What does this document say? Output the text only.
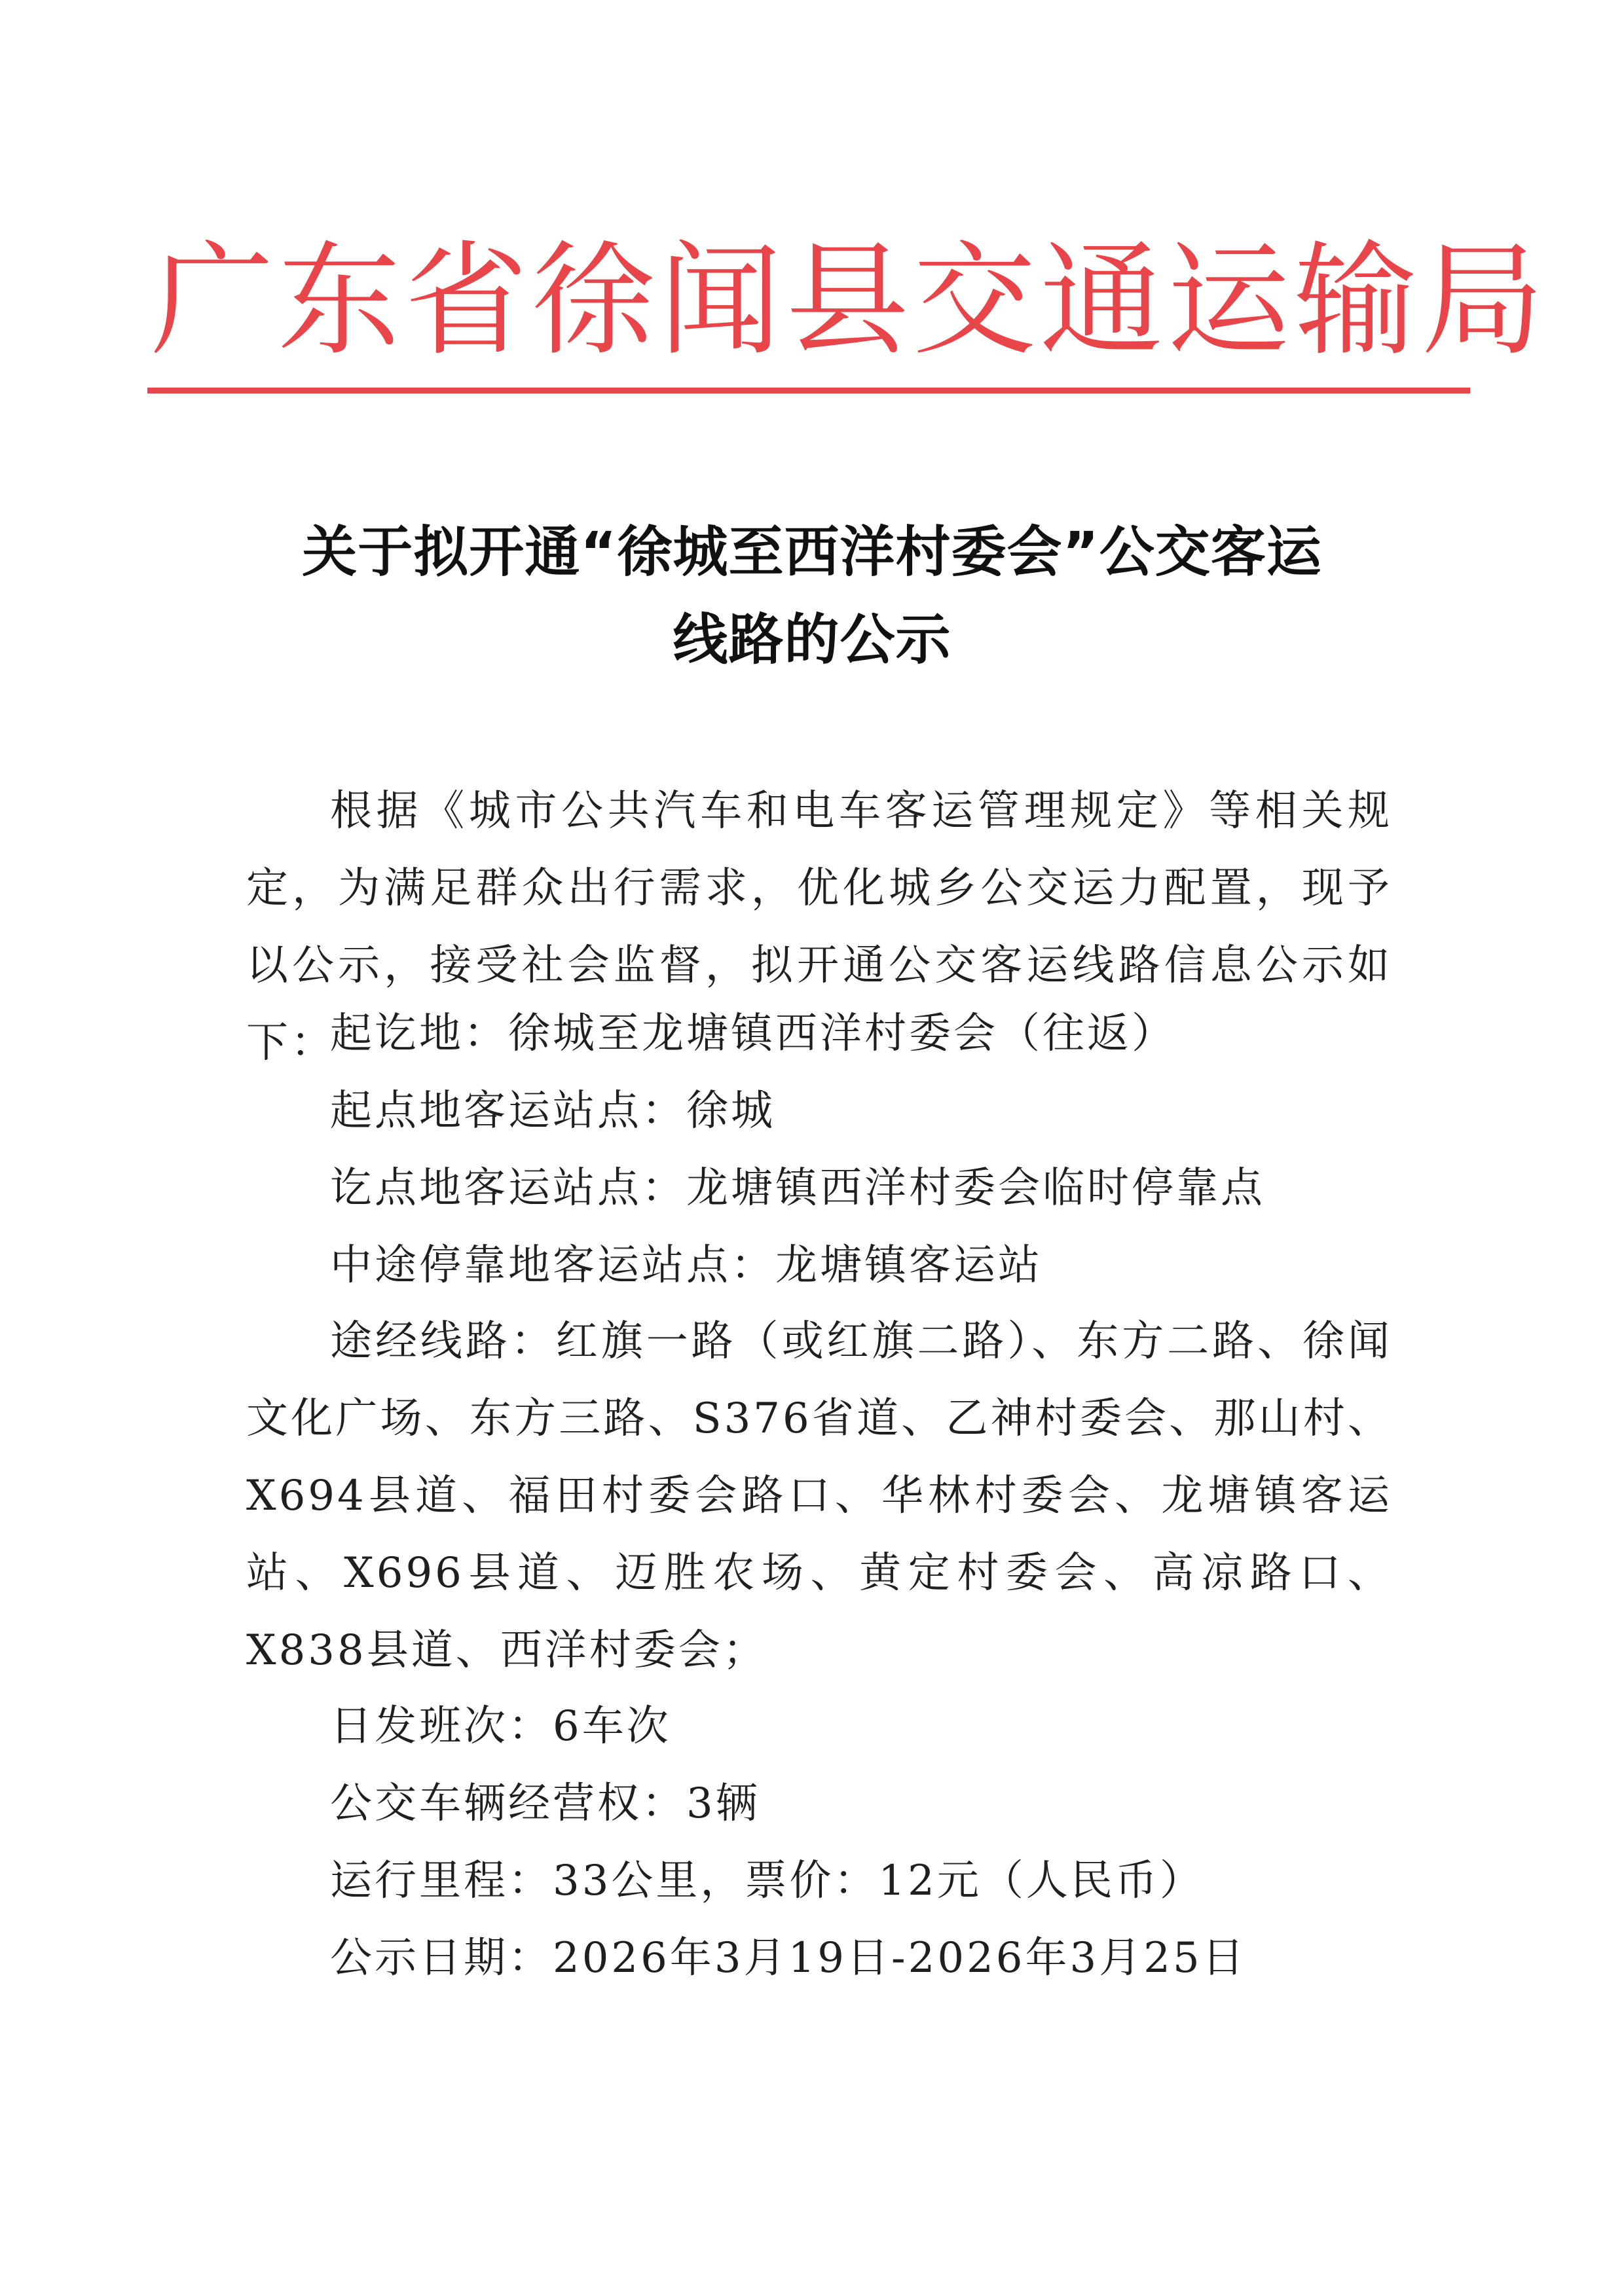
广东省徐闻县交通运输局
关于拟开通“徐城至西洋村委会”公交客运
线路的公示
根据《城市公共汽车和电车客运管理规定》等相关规定，为满足群众出行需求，优化城乡公交运力配置，现予以公示，接受社会监督，拟开通公交客运线路信息公示如下：
起讫地：徐城至龙塘镇西洋村委会（往返）
起点地客运站点：徐城
讫点地客运站点：龙塘镇西洋村委会临时停靠点
中途停靠地客运站点：龙塘镇客运站
途经线路：红旗一路（或红旗二路）、东方二路、徐闻文化广场、东方三路、S376省道、乙神村委会、那山村、X694县道、福田村委会路口、华林村委会、龙塘镇客运站、X696县道、迈胜农场、黄定村委会、高凉路口、X838县道、西洋村委会；
日发班次：6车次
公交车辆经营权：3辆
运行里程：33公里，票价：12元（人民币）
公示日期：2026年3月19日-2026年3月25日
